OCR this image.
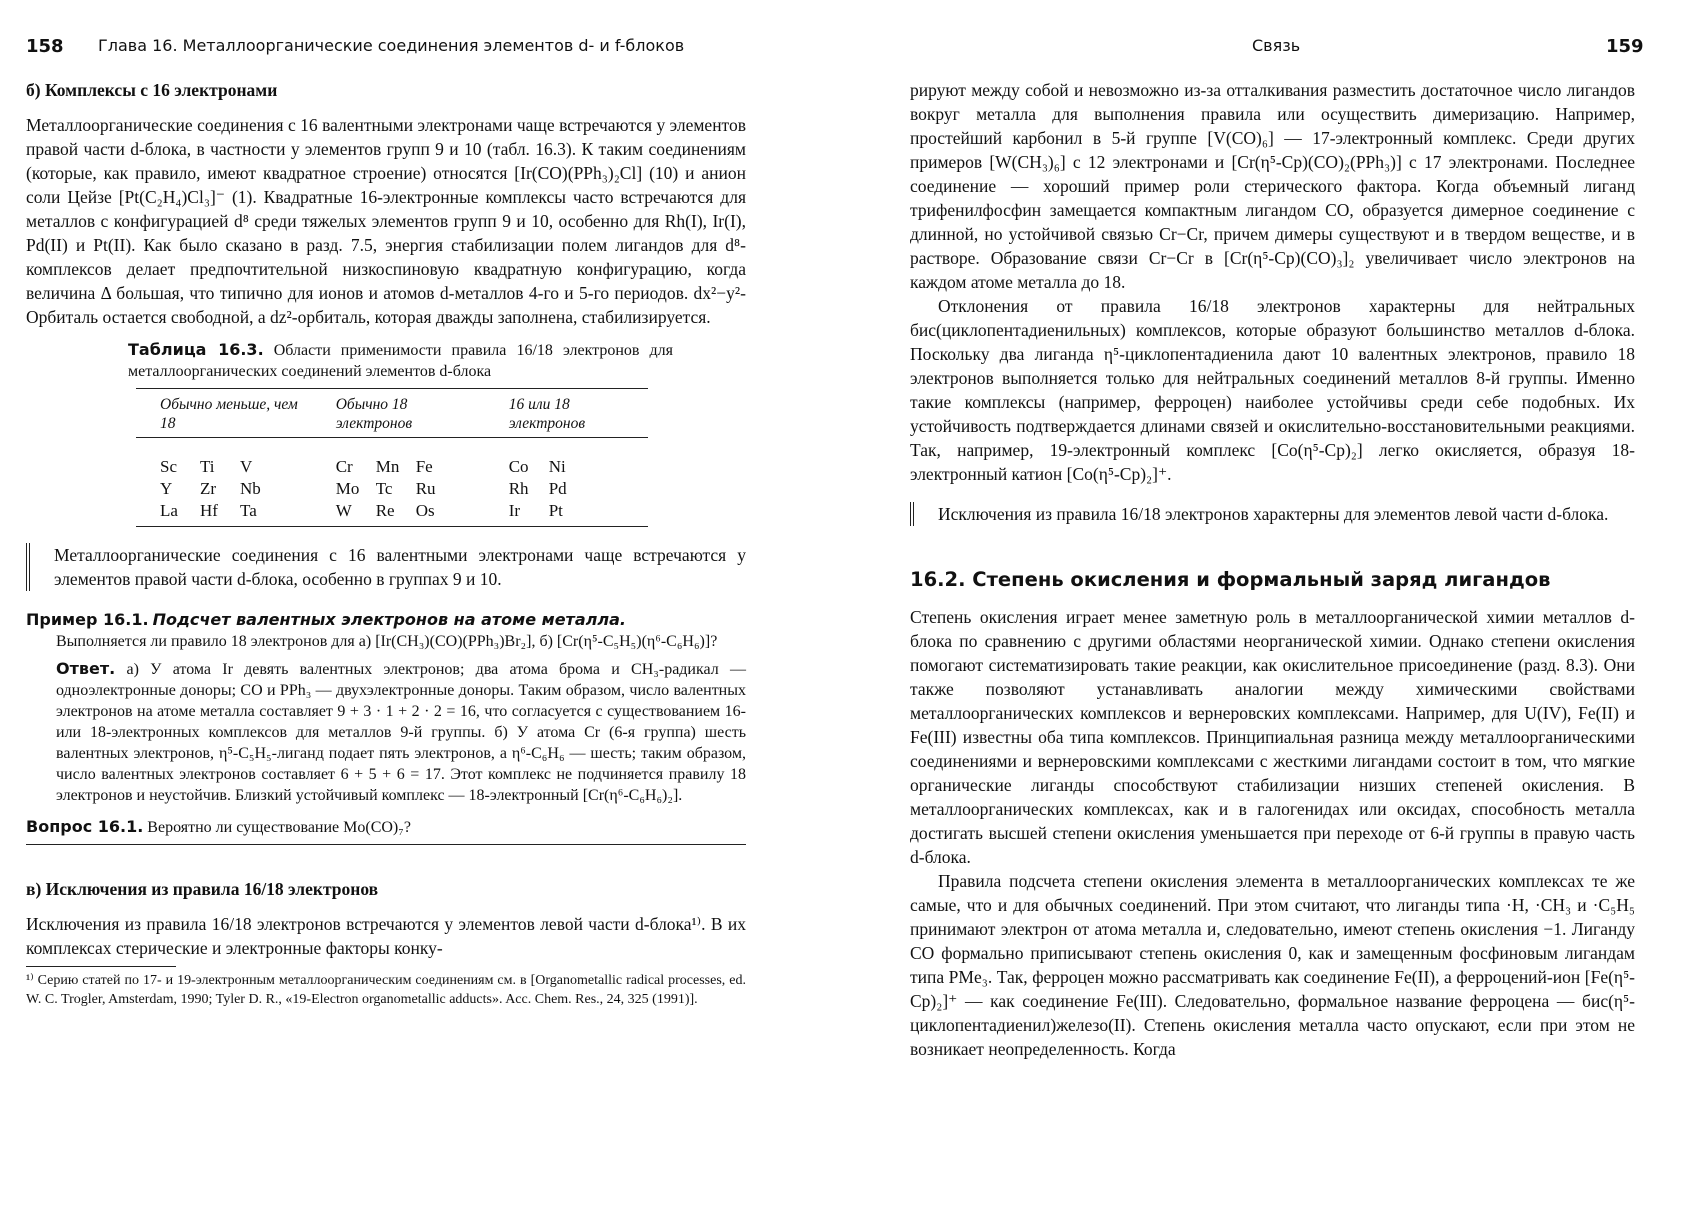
158 Глава 16. Металлоорганические соединения элементов d- и f-блоков	Связь	159

б) Комплексы с 16 электронами

Металлоорганические соединения с 16 валентными электронами чаще встречаются у элементов правой части d-блока, в частности у элементов групп 9 и 10 (табл. 16.3). К таким соединениям (которые, как правило, имеют квадратное строение) относятся [Ir(CO)(PPh₃)₂Cl] (10) и анион соли Цейзе [Pt(C₂H₄)Cl₃]⁻ (1). Квадратные 16-электронные комплексы часто встречаются для металлов с конфигурацией d⁸ среди тяжелых элементов групп 9 и 10, особенно для Rh(I), Ir(I), Pd(II) и Pt(II). Как было сказано в разд. 7.5, энергия стабилизации полем лигандов для d⁸-комплексов делает предпочтительной низкоспиновую квадратную конфигурацию, когда величина Δ большая, что типично для ионов и атомов d-металлов 4-го и 5-го периодов. dx²−y²-Орбиталь остается свободной, а dz²-орбиталь, которая дважды заполнена, стабилизируется.

Таблица 16.3. Области применимости правила 16/18 электронов для металлоорганических соединений элементов d-блока

Обычно меньше, чем 18	Обычно 18 электронов	16 или 18 электронов
Sc Ti V	Cr Mn Fe	Co Ni
Y Zr Nb	Mo Tc Ru	Rh Pd
La Hf Ta	W Re Os	Ir Pt
Металлоорганические соединения с 16 валентными электронами чаще встречаются у элементов правой части d-блока, особенно в группах 9 и 10.

Пример 16.1. Подсчет валентных электронов на атоме металла.

Выполняется ли правило 18 электронов для а) [Ir(CH₃)(CO)(PPh₃)Br₂], б) [Cr(η⁵-C₅H₅)(η⁶-C₆H₆)]?

Ответ. а) У атома Ir девять валентных электронов; два атома брома и CH₃-радикал — одноэлектронные доноры; CO и PPh₃ — двухэлектронные доноры. Таким образом, число валентных электронов на атоме металла составляет 9 + 3 · 1 + 2 · 2 = 16, что согласуется с существованием 16- или 18-электронных комплексов для металлов 9-й группы. б) У атома Cr (6-я группа) шесть валентных электронов, η⁵-C₅H₅-лиганд подает пять электронов, а η⁶-C₆H₆ — шесть; таким образом, число валентных электронов составляет 6 + 5 + 6 = 17. Этот комплекс не подчиняется правилу 18 электронов и неустойчив. Близкий устойчивый комплекс — 18-электронный [Cr(η⁶-C₆H₆)₂].

Вопрос 16.1. Вероятно ли существование Mo(CO)₇?

в) Исключения из правила 16/18 электронов

Исключения из правила 16/18 электронов встречаются у элементов левой части d-блока¹⁾. В их комплексах стерические и электронные факторы конку-

¹⁾ Серию статей по 17- и 19-электронным металлоорганическим соединениям см. в [Organometallic radical processes, ed. W. C. Trogler, Amsterdam, 1990; Tyler D. R., «19-Electron organometallic adducts». Acc. Chem. Res., 24, 325 (1991)].

рируют между собой и невозможно из-за отталкивания разместить достаточное число лигандов вокруг металла для выполнения правила или осуществить димеризацию. Например, простейший карбонил в 5-й группе [V(CO)₆] — 17-электронный комплекс. Среди других примеров [W(CH₃)₆] с 12 электронами и [Cr(η⁵-Cp)(CO)₂(PPh₃)] с 17 электронами. Последнее соединение — хороший пример роли стерического фактора. Когда объемный лиганд трифенилфосфин замещается компактным лигандом CO, образуется димерное соединение с длинной, но устойчивой связью Cr−Cr, причем димеры существуют и в твердом веществе, и в растворе. Образование связи Cr−Cr в [Cr(η⁵-Cp)(CO)₃]₂ увеличивает число электронов на каждом атоме металла до 18.

Отклонения от правила 16/18 электронов характерны для нейтральных бис(циклопентадиенильных) комплексов, которые образуют большинство металлов d-блока. Поскольку два лиганда η⁵-циклопентадиенила дают 10 валентных электронов, правило 18 электронов выполняется только для нейтральных соединений металлов 8-й группы. Именно такие комплексы (например, ферроцен) наиболее устойчивы среди себе подобных. Их устойчивость подтверждается длинами связей и окислительно-восстановительными реакциями. Так, например, 19-электронный комплекс [Co(η⁵-Cp)₂] легко окисляется, образуя 18-электронный катион [Co(η⁵-Cp)₂]⁺.

Исключения из правила 16/18 электронов характерны для элементов левой части d-блока.

16.2. Степень окисления и формальный заряд лигандов

Степень окисления играет менее заметную роль в металлоорганической химии металлов d-блока по сравнению с другими областями неорганической химии. Однако степени окисления помогают систематизировать такие реакции, как окислительное присоединение (разд. 8.3). Они также позволяют устанавливать аналогии между химическими свойствами металлоорганических комплексов и вернеровских комплексами. Например, для U(IV), Fe(II) и Fe(III) известны оба типа комплексов. Принципиальная разница между металлоорганическими соединениями и вернеровскими комплексами с жесткими лигандами состоит в том, что мягкие органические лиганды способствуют стабилизации низших степеней окисления. В металлоорганических комплексах, как и в галогенидах или оксидах, способность металла достигать высшей степени окисления уменьшается при переходе от 6-й группы в правую часть d-блока.

Правила подсчета степени окисления элемента в металлоорганических комплексах те же самые, что и для обычных соединений. При этом считают, что лиганды типа ·H, ·CH₃ и ·C₅H₅ принимают электрон от атома металла и, следовательно, имеют степень окисления −1. Лиганду CO формально приписывают степень окисления 0, как и замещенным фосфиновым лигандам типа PMe₃. Так, ферроцен можно рассматривать как соединение Fe(II), а ферроцений-ион [Fe(η⁵-Cp)₂]⁺ — как соединение Fe(III). Следовательно, формальное название ферроцена — бис(η⁵-циклопентадиенил)железо(II). Степень окисления металла часто опускают, если при этом не возникает неопределенность. Когда
